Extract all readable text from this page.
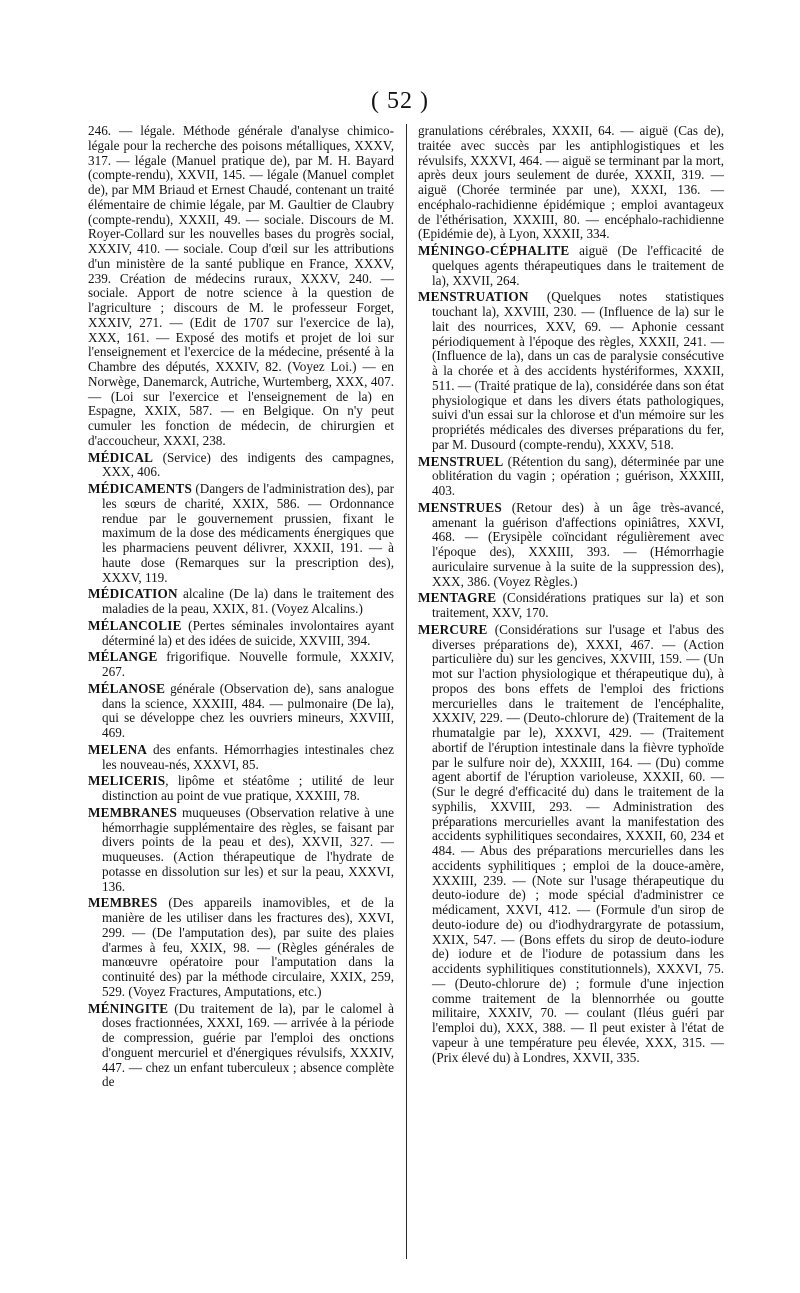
( 52 )

246. — légale. Méthode générale d'analyse chimico-légale pour la recherche des poisons métalliques, XXXV, 317. — légale (Manuel pratique de), par M. H. Bayard (compte-rendu), XXVII, 145. — légale (Manuel complet de), par MM Briaud et Ernest Chaudé, contenant un traité élémentaire de chimie légale, par M. Gaultier de Claubry (compte-rendu), XXXII, 49. — sociale. Discours de M. Royer-Collard sur les nouvelles bases du progrès social, XXXIV, 410. — sociale. Coup d'œil sur les attributions d'un ministère de la santé publique en France, XXXV, 239. Création de médecins ruraux, XXXV, 240. — sociale. Apport de notre science à la question de l'agriculture ; discours de M. le professeur Forget, XXXIV, 271. — (Edit de 1707 sur l'exercice de la), XXX, 161. — Exposé des motifs et projet de loi sur l'enseignement et l'exercice de la médecine, présenté à la Chambre des députés, XXXIV, 82. (Voyez Loi.) — en Norwège, Danemarck, Autriche, Wurtemberg, XXX, 407. — (Loi sur l'exercice et l'enseignement de la) en Espagne, XXIX, 587. — en Belgique. On n'y peut cumuler les fonction de médecin, de chirurgien et d'accoucheur, XXXI, 238.

MÉDICAL (Service) des indigents des campagnes, XXX, 406.

MÉDICAMENTS (Dangers de l'administration des), par les sœurs de charité, XXIX, 586. — Ordonnance rendue par le gouvernement prussien, fixant le maximum de la dose des médicaments énergiques que les pharmaciens peuvent délivrer, XXXII, 191. — à haute dose (Remarques sur la prescription des), XXXV, 119.

MÉDICATION alcaline (De la) dans le traitement des maladies de la peau, XXIX, 81. (Voyez Alcalins.)

MÉLANCOLIE (Pertes séminales involontaires ayant déterminé la) et des idées de suicide, XXVIII, 394.

MÉLANGE frigorifique. Nouvelle formule, XXXIV, 267.

MÉLANOSE générale (Observation de), sans analogue dans la science, XXXIII, 484. — pulmonaire (De la), qui se développe chez les ouvriers mineurs, XXVIII, 469.

MELENA des enfants. Hémorrhagies intestinales chez les nouveau-nés, XXXVI, 85.

MELICERIS, lipôme et stéatôme ; utilité de leur distinction au point de vue pratique, XXXIII, 78.

MEMBRANES muqueuses (Observation relative à une hémorrhagie supplémentaire des règles, se faisant par divers points de la peau et des), XXVII, 327. — muqueuses. (Action thérapeutique de l'hydrate de potasse en dissolution sur les) et sur la peau, XXXVI, 136.

MEMBRES (Des appareils inamovibles, et de la manière de les utiliser dans les fractures des), XXVI, 299. — (De l'amputation des), par suite des plaies d'armes à feu, XXIX, 98. — (Règles générales de manœuvre opératoire pour l'amputation dans la continuité des) par la méthode circulaire, XXIX, 259, 529. (Voyez Fractures, Amputations, etc.)

MÉNINGITE (Du traitement de la), par le calomel à doses fractionnées, XXXI, 169. — arrivée à la période de compression, guérie par l'emploi des onctions d'onguent mercuriel et d'énergiques révulsifs, XXXIV, 447. — chez un enfant tuberculeux ; absence complète de

granulations cérébrales, XXXII, 64. — aiguë (Cas de), traitée avec succès par les antiphlogistiques et les révulsifs, XXXVI, 464. — aiguë se terminant par la mort, après deux jours seulement de durée, XXXII, 319. — aiguë (Chorée terminée par une), XXXI, 136. — encéphalo-rachidienne épidémique ; emploi avantageux de l'éthérisation, XXXIII, 80. — encéphalo-rachidienne (Epidémie de), à Lyon, XXXII, 334.

MÉNINGO-CÉPHALITE aiguë (De l'efficacité de quelques agents thérapeutiques dans le traitement de la), XXVII, 264.

MENSTRUATION (Quelques notes statistiques touchant la), XXVIII, 230. — (Influence de la) sur le lait des nourrices, XXV, 69. — Aphonie cessant périodiquement à l'époque des règles, XXXII, 241. — (Influence de la), dans un cas de paralysie consécutive à la chorée et à des accidents hystériformes, XXXII, 511. — (Traité pratique de la), considérée dans son état physiologique et dans les divers états pathologiques, suivi d'un essai sur la chlorose et d'un mémoire sur les propriétés médicales des diverses préparations du fer, par M. Dusourd (compte-rendu), XXXV, 518.

MENSTRUEL (Rétention du sang), déterminée par une oblitération du vagin ; opération ; guérison, XXXIII, 403.

MENSTRUES (Retour des) à un âge très-avancé, amenant la guérison d'affections opiniâtres, XXVI, 468. — (Erysipèle coïncidant régulièrement avec l'époque des), XXXIII, 393. — (Hémorrhagie auriculaire survenue à la suite de la suppression des), XXX, 386. (Voyez Règles.)

MENTAGRE (Considérations pratiques sur la) et son traitement, XXV, 170.

MERCURE (Considérations sur l'usage et l'abus des diverses préparations de), XXXI, 467. — (Action particulière du) sur les gencives, XXVIII, 159. — (Un mot sur l'action physiologique et thérapeutique du), à propos des bons effets de l'emploi des frictions mercurielles dans le traitement de l'encéphalite, XXXIV, 229. — (Deuto-chlorure de) (Traitement de la rhumatalgie par le), XXXVI, 429. — (Traitement abortif de l'éruption intestinale dans la fièvre typhoïde par le sulfure noir de), XXXIII, 164. — (Du) comme agent abortif de l'éruption varioleuse, XXXII, 60. — (Sur le degré d'efficacité du) dans le traitement de la syphilis, XXVIII, 293. — Administration des préparations mercurielles avant la manifestation des accidents syphilitiques secondaires, XXXII, 60, 234 et 484. — Abus des préparations mercurielles dans les accidents syphilitiques ; emploi de la douce-amère, XXXIII, 239. — (Note sur l'usage thérapeutique du deuto-iodure de) ; mode spécial d'administrer ce médicament, XXVI, 412. — (Formule d'un sirop de deuto-iodure de) ou d'iodhydrargyrate de potassium, XXIX, 547. — (Bons effets du sirop de deuto-iodure de) iodure et de l'iodure de potassium dans les accidents syphilitiques constitutionnels), XXXVI, 75. — (Deuto-chlorure de) ; formule d'une injection comme traitement de la blennorrhée ou goutte militaire, XXXIV, 70. — coulant (Iléus guéri par l'emploi du), XXX, 388. — Il peut exister à l'état de vapeur à une température peu élevée, XXX, 315. — (Prix élevé du) à Londres, XXVII, 335.
